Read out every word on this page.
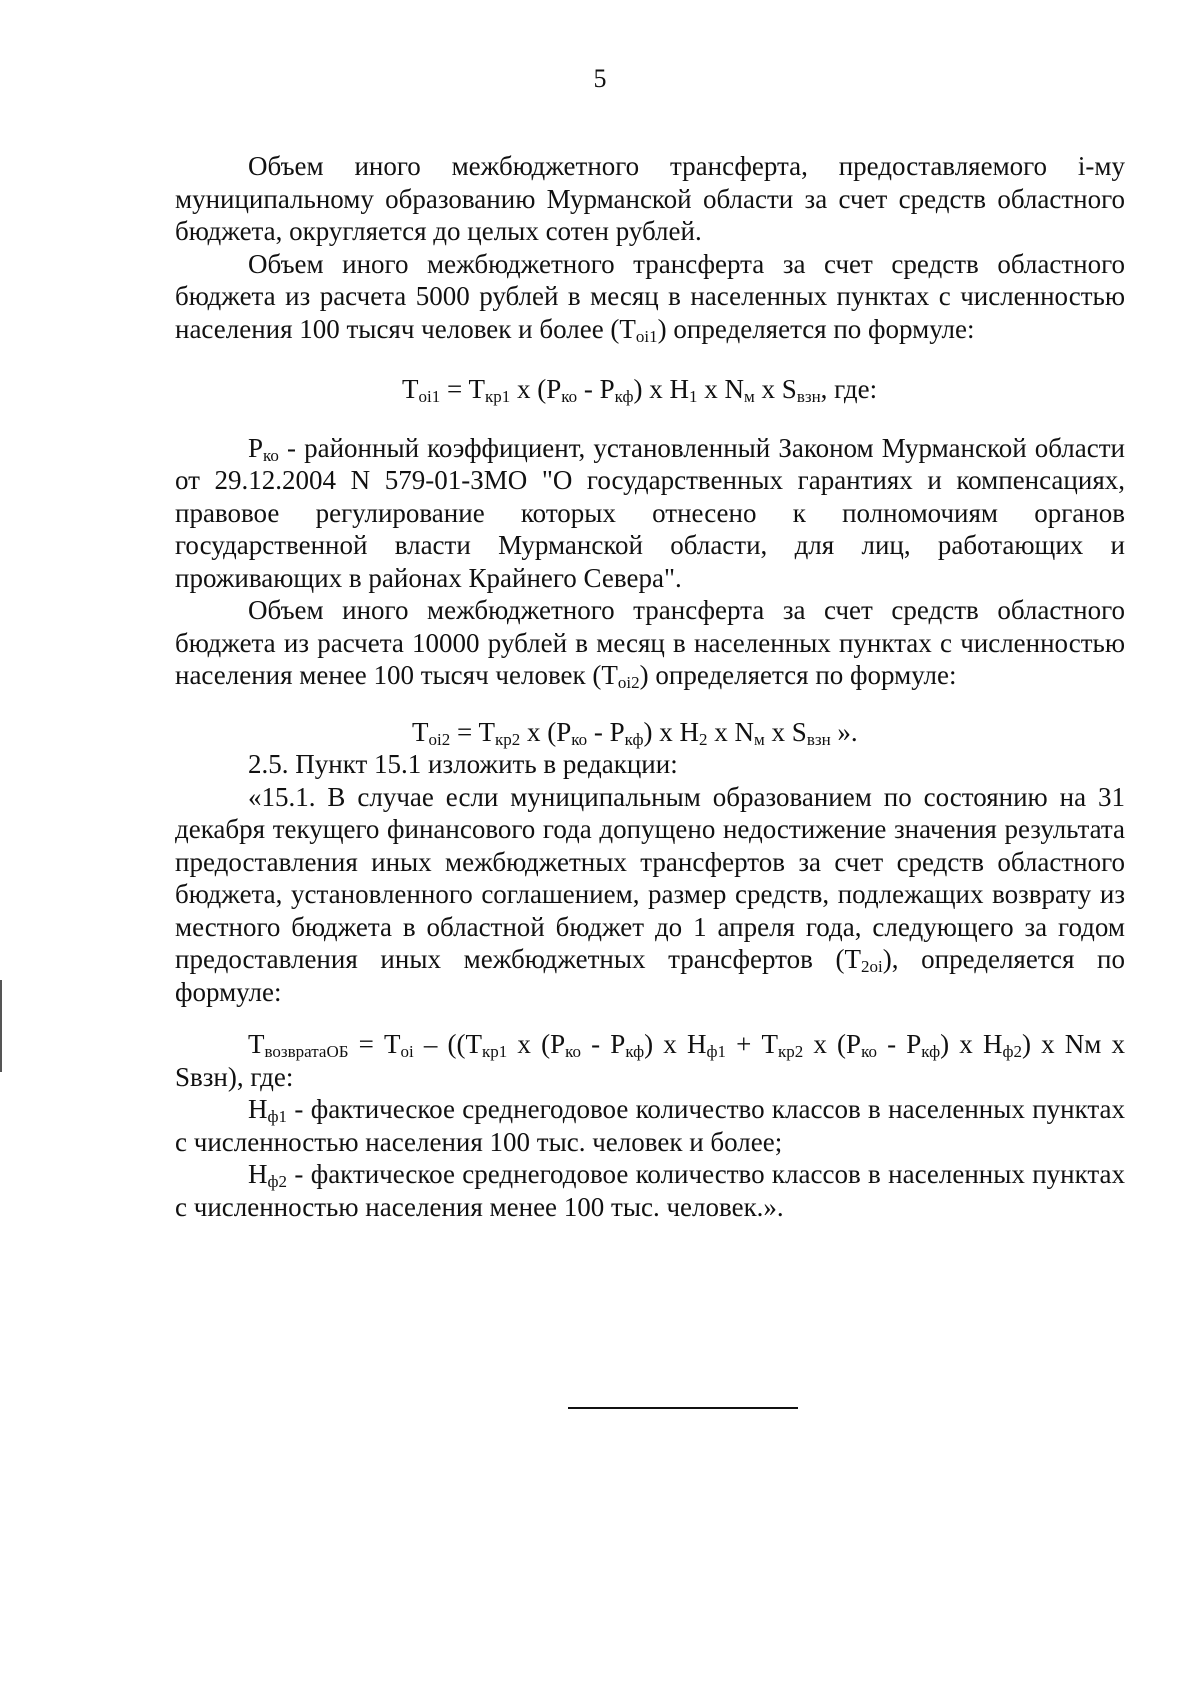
5

Объем иного межбюджетного трансферта, предоставляемого i-му муниципальному образованию Мурманской области за счет средств областного бюджета, округляется до целых сотен рублей.

Объем иного межбюджетного трансферта за счет средств областного бюджета из расчета 5000 рублей в месяц в населенных пунктах с численностью населения 100 тысяч человек и более $(T_{oi1})$ определяется по формуле:

$T_{oi1} = T_{кр1}$ x $(P_{ко} - P_{кф})$ x $H_1$ x $N_м$ x $S_{взн}$, где:

$P_{ко}$ - районный коэффициент, установленный Законом Мурманской области от 29.12.2004 N 579-01-ЗМО "О государственных гарантиях и компенсациях, правовое регулирование которых отнесено к полномочиям органов государственной власти Мурманской области, для лиц, работающих и проживающих в районах Крайнего Севера".

Объем иного межбюджетного трансферта за счет средств областного бюджета из расчета 10000 рублей в месяц в населенных пунктах с численностью населения менее 100 тысяч человек $(T_{oi2})$ определяется по формуле:

$T_{oi2} = T_{кр2}$ x $(P_{ко} - P_{кф})$ x $H_2$ x $N_м$ x $S_{взн}$ ».

2.5. Пункт 15.1 изложить в редакции:

«15.1. В случае если муниципальным образованием по состоянию на 31 декабря текущего финансового года допущено недостижение значения результата предоставления иных межбюджетных трансфертов за счет средств областного бюджета, установленного соглашением, размер средств, подлежащих возврату из местного бюджета в областной бюджет до 1 апреля года, следующего за годом предоставления иных межбюджетных трансфертов $(T_{2oi})$, определяется по формуле:

$T_{возвратаОБ} = T_{oi} - ((T_{кр1}$ x $(P_{ко} - P_{кф})$ x $H_{ф1} + T_{кр2}$ x $(P_{ко} - P_{кф})$ x $H_{ф2}$) x Nм x Sвзн), где:

$H_{ф1}$ - фактическое среднегодовое количество классов в населенных пунктах с численностью населения 100 тыс. человек и более;

$H_{ф2}$ - фактическое среднегодовое количество классов в населенных пунктах с численностью населения менее 100 тыс. человек.».
